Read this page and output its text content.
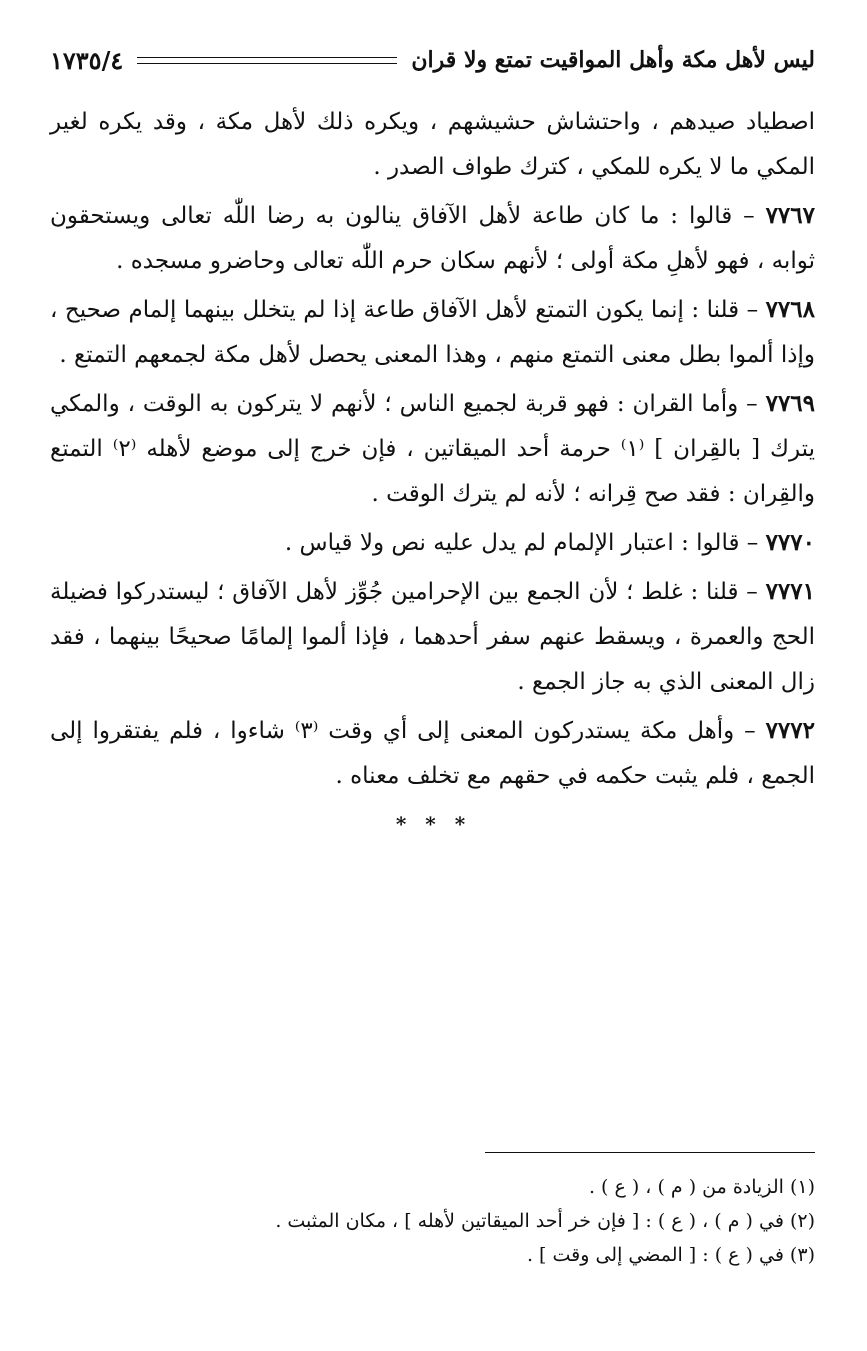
ليس لأهل مكة وأهل المواقيت تمتع ولا قران
١٧٣٥/٤

اصطياد صيدهم ، واحتشاش حشيشهم ، ويكره ذلك لأهل مكة ، وقد يكره لغير المكي ما لا يكره للمكي ، كترك طواف الصدر .

٧٧٦٧ – قالوا : ما كان طاعة لأهل الآفاق ينالون به رضا اللّٰه تعالى ويستحقون ثوابه ، فهو لأهلِ مكة أولى ؛ لأنهم سكان حرم اللّٰه تعالى وحاضرو مسجده .

٧٧٦٨ – قلنا : إنما يكون التمتع لأهل الآفاق طاعة إذا لم يتخلل بينهما إلمام صحيح ، وإذا ألموا بطل معنى التمتع منهم ، وهذا المعنى يحصل لأهل مكة لجمعهم التمتع .

٧٧٦٩ – وأما القران : فهو قربة لجميع الناس ؛ لأنهم لا يتركون به الوقت ، والمكي يترك [ بالقِران ] ⁽١⁾ حرمة أحد الميقاتين ، فإن خرج إلى موضع لأهله ⁽٢⁾ التمتع والقِران : فقد صح قِرانه ؛ لأنه لم يترك الوقت .

٧٧٧٠ – قالوا : اعتبار الإلمام لم يدل عليه نص ولا قياس .

٧٧٧١ – قلنا : غلط ؛ لأن الجمع بين الإحرامين جُوِّز لأهل الآفاق ؛ ليستدركوا فضيلة الحج والعمرة ، ويسقط عنهم سفر أحدهما ، فإذا ألموا إلمامًا صحيحًا بينهما ، فقد زال المعنى الذي به جاز الجمع .

٧٧٧٢ – وأهل مكة يستدركون المعنى إلى أي وقت ⁽٣⁾ شاءوا ، فلم يفتقروا إلى الجمع ، فلم يثبت حكمه في حقهم مع تخلف معناه .

* * *

(١) الزيادة من ( م ) ، ( ع ) .

(٢) في ( م ) ، ( ع ) : [ فإن خر أحد الميقاتين لأهله ] ، مكان المثبت .

(٣) في ( ع ) : [ المضي إلى وقت ] .
